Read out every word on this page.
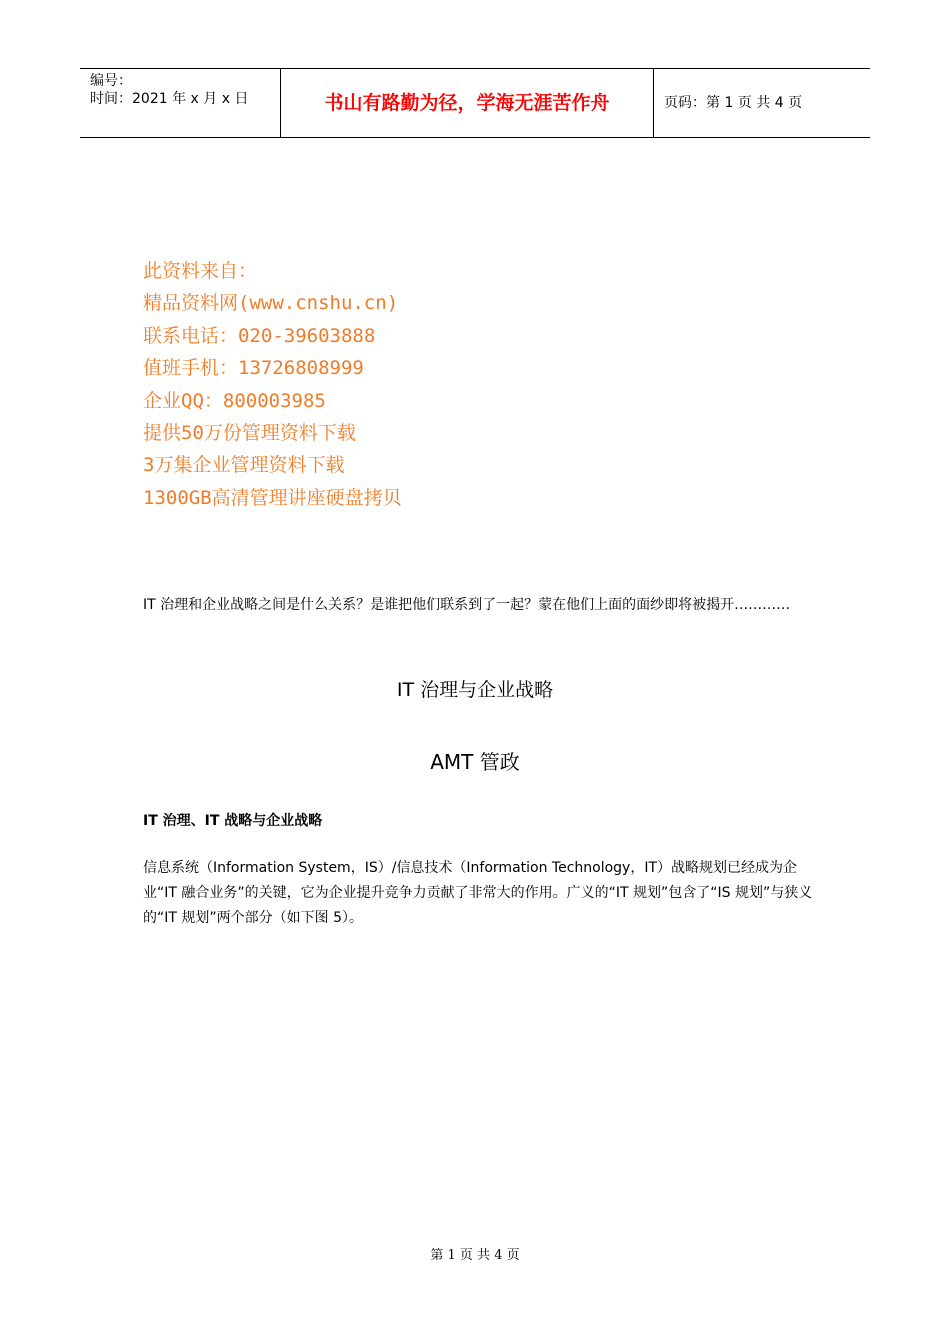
编号：
时间：2021 年 x 月 x 日	书山有路勤为径，学海无涯苦作舟	页码：第 1 页 共 4 页
此资料来自：
精品资料网(www.cnshu.cn)
联系电话：020-39603888
值班手机：13726808999
企业QQ：800003985
提供50万份管理资料下载
3万集企业管理资料下载
1300GB高清管理讲座硬盘拷贝
IT 治理和企业战略之间是什么关系？是谁把他们联系到了一起？蒙在他们上面的面纱即将被揭开…………
IT 治理与企业战略
AMT 管政
IT 治理、IT 战略与企业战略
信息系统（Information System，IS）/信息技术（Information Technology，IT）战略规划已经成为企业“IT 融合业务”的关键，它为企业提升竞争力贡献了非常大的作用。广义的“IT 规划”包含了“IS 规划”与狭义的“IT 规划”两个部分（如下图 5）。
第 1 页 共 4 页
